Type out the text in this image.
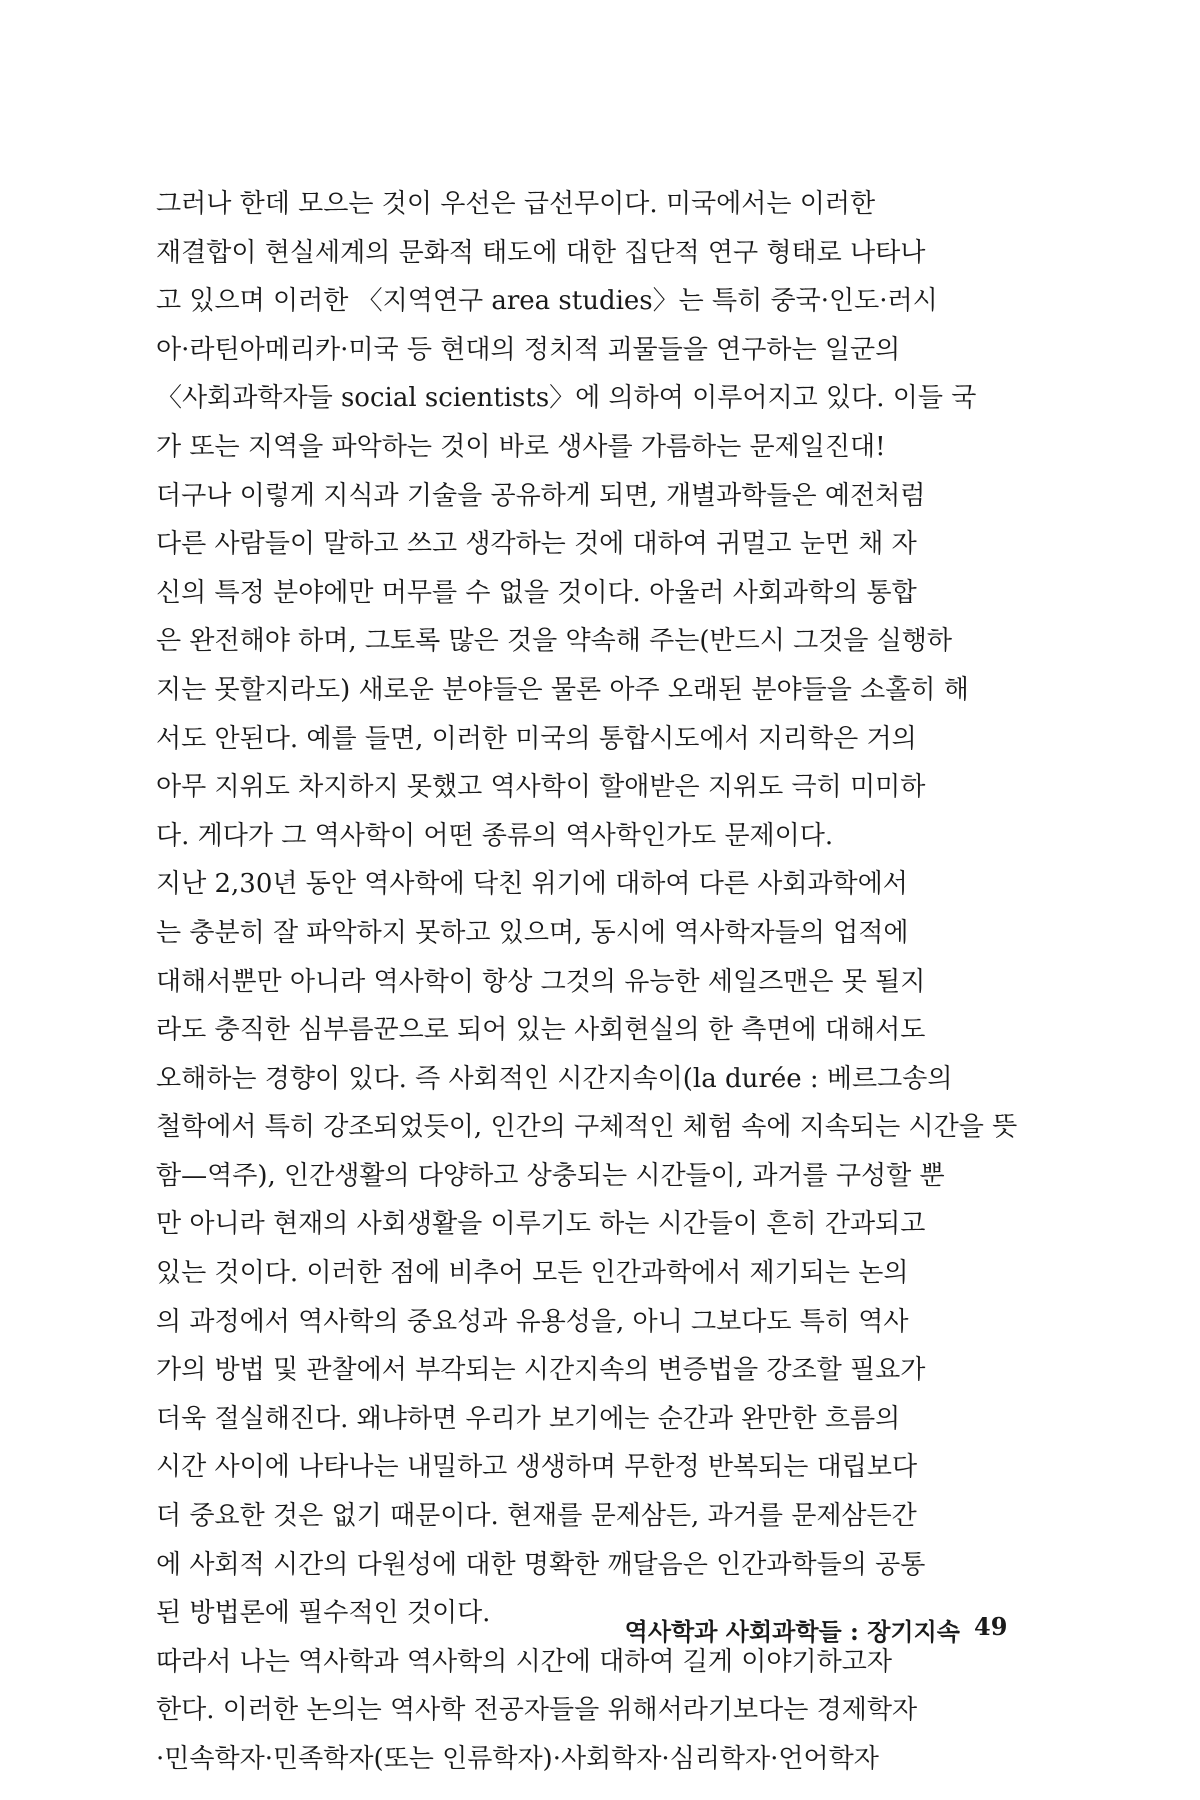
그러나 한데 모으는 것이 우선은 급선무이다. 미국에서는 이러한
재결합이 현실세계의 문화적 태도에 대한 집단적 연구 형태로 나타나
고 있으며 이러한 〈지역연구 area studies〉는 특히 중국·인도·러시
아·라틴아메리카·미국 등 현대의 정치적 괴물들을 연구하는 일군의
〈사회과학자들 social scientists〉에 의하여 이루어지고 있다. 이들 국
가 또는 지역을 파악하는 것이 바로 생사를 가름하는 문제일진대!
더구나 이렇게 지식과 기술을 공유하게 되면, 개별과학들은 예전처럼
다른 사람들이 말하고 쓰고 생각하는 것에 대하여 귀멀고 눈먼 채 자
신의 특정 분야에만 머무를 수 없을 것이다. 아울러 사회과학의 통합
은 완전해야 하며, 그토록 많은 것을 약속해 주는(반드시 그것을 실행하
지는 못할지라도) 새로운 분야들은 물론 아주 오래된 분야들을 소홀히 해
서도 안된다. 예를 들면, 이러한 미국의 통합시도에서 지리학은 거의
아무 지위도 차지하지 못했고 역사학이 할애받은 지위도 극히 미미하
다. 게다가 그 역사학이 어떤 종류의 역사학인가도 문제이다.
지난 2,30년 동안 역사학에 닥친 위기에 대하여 다른 사회과학에서
는 충분히 잘 파악하지 못하고 있으며, 동시에 역사학자들의 업적에
대해서뿐만 아니라 역사학이 항상 그것의 유능한 세일즈맨은 못 될지
라도 충직한 심부름꾼으로 되어 있는 사회현실의 한 측면에 대해서도
오해하는 경향이 있다. 즉 사회적인 시간지속이(la durée : 베르그송의
철학에서 특히 강조되었듯이, 인간의 구체적인 체험 속에 지속되는 시간을 뜻
함—역주), 인간생활의 다양하고 상충되는 시간들이, 과거를 구성할 뿐
만 아니라 현재의 사회생활을 이루기도 하는 시간들이 흔히 간과되고
있는 것이다. 이러한 점에 비추어 모든 인간과학에서 제기되는 논의
의 과정에서 역사학의 중요성과 유용성을, 아니 그보다도 특히 역사
가의 방법 및 관찰에서 부각되는 시간지속의 변증법을 강조할 필요가
더욱 절실해진다. 왜냐하면 우리가 보기에는 순간과 완만한 흐름의
시간 사이에 나타나는 내밀하고 생생하며 무한정 반복되는 대립보다
더 중요한 것은 없기 때문이다. 현재를 문제삼든, 과거를 문제삼든간
에 사회적 시간의 다원성에 대한 명확한 깨달음은 인간과학들의 공통
된 방법론에 필수적인 것이다.
따라서 나는 역사학과 역사학의 시간에 대하여 길게 이야기하고자
한다. 이러한 논의는 역사학 전공자들을 위해서라기보다는 경제학자
·민속학자·민족학자(또는 인류학자)·사회학자·심리학자·언어학자
역사학과 사회과학들 : 장기지속 49
